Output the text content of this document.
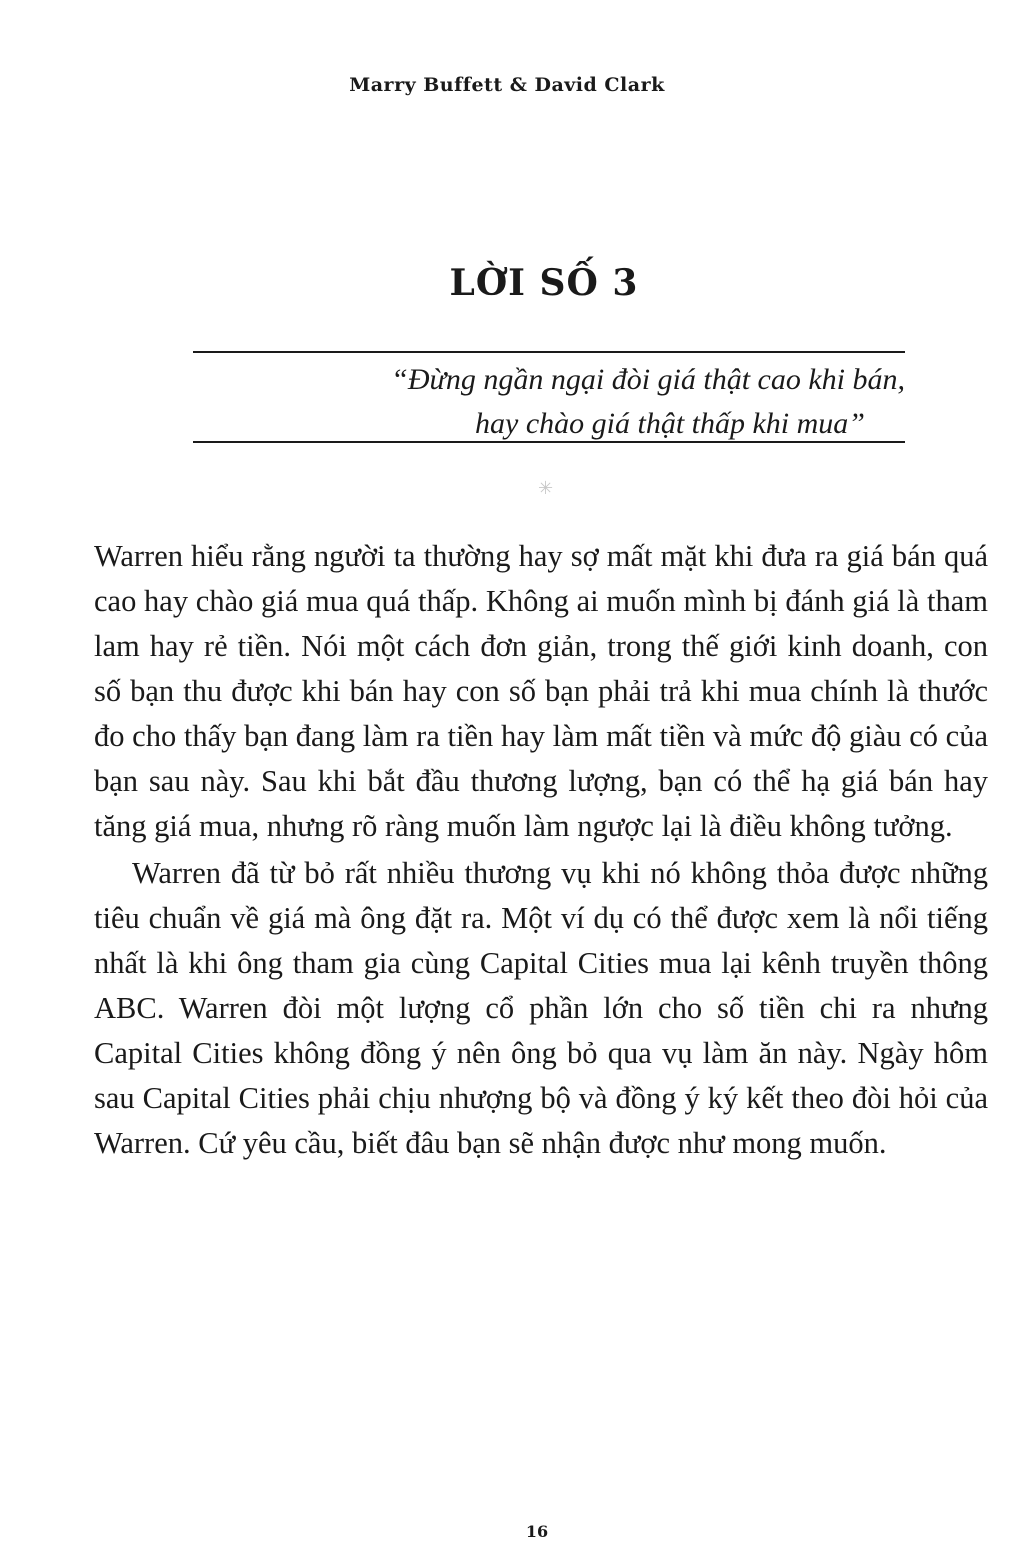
Marry Buffett & David Clark
LỜI SỐ 3
“Đừng ngần ngại đòi giá thật cao khi bán,
hay chào giá thật thấp khi mua”
✳

Warren hiểu rằng người ta thường hay sợ mất mặt khi đưa ra giá bán quá cao hay chào giá mua quá thấp. Không ai muốn mình bị đánh giá là tham lam hay rẻ tiền. Nói một cách đơn giản, trong thế giới kinh doanh, con số bạn thu được khi bán hay con số bạn phải trả khi mua chính là thước đo cho thấy bạn đang làm ra tiền hay làm mất tiền và mức độ giàu có của bạn sau này. Sau khi bắt đầu thương lượng, bạn có thể hạ giá bán hay tăng giá mua, nhưng rõ ràng muốn làm ngược lại là điều không tưởng.

Warren đã từ bỏ rất nhiều thương vụ khi nó không thỏa được những tiêu chuẩn về giá mà ông đặt ra. Một ví dụ có thể được xem là nổi tiếng nhất là khi ông tham gia cùng Capital Cities mua lại kênh truyền thông ABC. Warren đòi một lượng cổ phần lớn cho số tiền chi ra nhưng Capital Cities không đồng ý nên ông bỏ qua vụ làm ăn này. Ngày hôm sau Capital Cities phải chịu nhượng bộ và đồng ý ký kết theo đòi hỏi của Warren. Cứ yêu cầu, biết đâu bạn sẽ nhận được như mong muốn.

16
